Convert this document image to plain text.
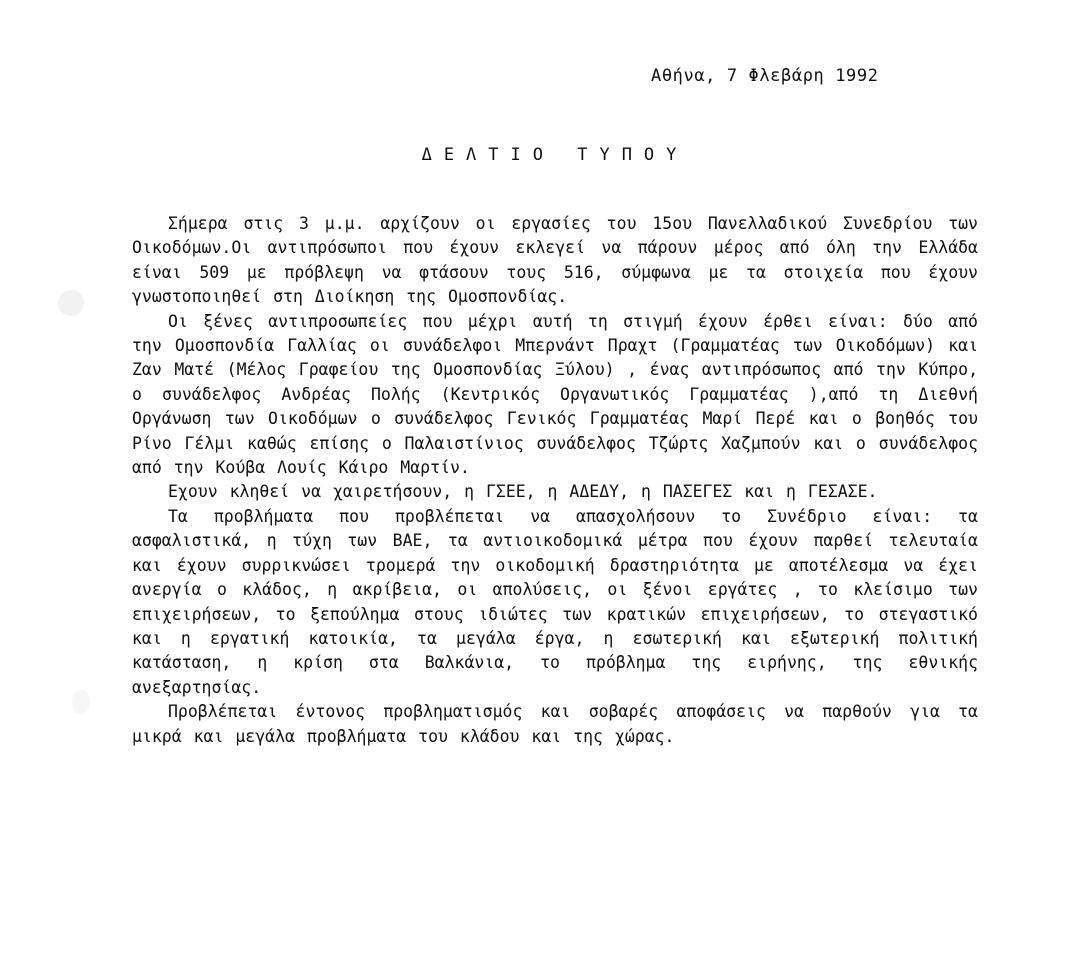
Αθήνα, 7 Φλεβάρη 1992
ΔΕΛΤΙΟ ΤΥΠΟΥ

Σήμερα στις 3 μ.μ. αρχίζουν οι εργασίες του 15ου Πανελλαδικού Συνεδρίου των Οικοδόμων.Οι αντιπρόσωποι που έχουν εκλεγεί να πάρουν μέρος από όλη την Ελλάδα είναι 509 με πρόβλεψη να φτάσουν τους 516, σύμφωνα με τα στοιχεία που έχουν γνωστοποιηθεί στη Διοίκηση της Ομοσπονδίας.

Οι ξένες αντιπροσωπείες που μέχρι αυτή τη στιγμή έχουν έρθει είναι: δύο από την Ομοσπονδία Γαλλίας οι συνάδελφοι Μπερνάντ Πραχτ (Γραμματέας των Οικοδόμων) και Ζαν Ματέ (Μέλος Γραφείου της Ομοσπονδίας Ξύλου) , ένας αντιπρόσωπος από την Κύπρο, ο συνάδελφος Ανδρέας Πολής (Κεντρικός Οργανωτικός Γραμματέας ),από τη Διεθνή Οργάνωση των Οικοδόμων ο συνάδελφος Γενικός Γραμματέας Μαρί Περέ και ο βοηθός του Ρίνο Γέλμι καθώς επίσης ο Παλαιστίνιος συνάδελφος Τζώρτς Χαζμπούν και ο συνάδελφος από την Κούβα Λουίς Κάιρο Μαρτίν.

Εχουν κληθεί να χαιρετήσουν, η ΓΣΕΕ, η ΑΔΕΔΥ, η ΠΑΣΕΓΕΣ και η ΓΕΣΑΣΕ.

Τα προβλήματα που προβλέπεται να απασχολήσουν το Συνέδριο είναι: τα ασφαλιστικά, η τύχη των ΒΑΕ, τα αντιοικοδομικά μέτρα που έχουν παρθεί τελευταία και έχουν συρρικνώσει τρομερά την οικοδομική δραστηριότητα με αποτέλεσμα να έχει ανεργία ο κλάδος, η ακρίβεια, οι απολύσεις, οι ξένοι εργάτες , το κλείσιμο των επιχειρήσεων, το ξεπούλημα στους ιδιώτες των κρατικών επιχειρήσεων, το στεγαστικό και η εργατική κατοικία, τα μεγάλα έργα, η εσωτερική και εξωτερική πολιτική κατάσταση, η κρίση στα Βαλκάνια, το πρόβλημα της ειρήνης, της εθνικής ανεξαρτησίας.

Προβλέπεται έντονος προβληματισμός και σοβαρές αποφάσεις να παρθούν για τα μικρά και μεγάλα προβλήματα του κλάδου και της χώρας.
